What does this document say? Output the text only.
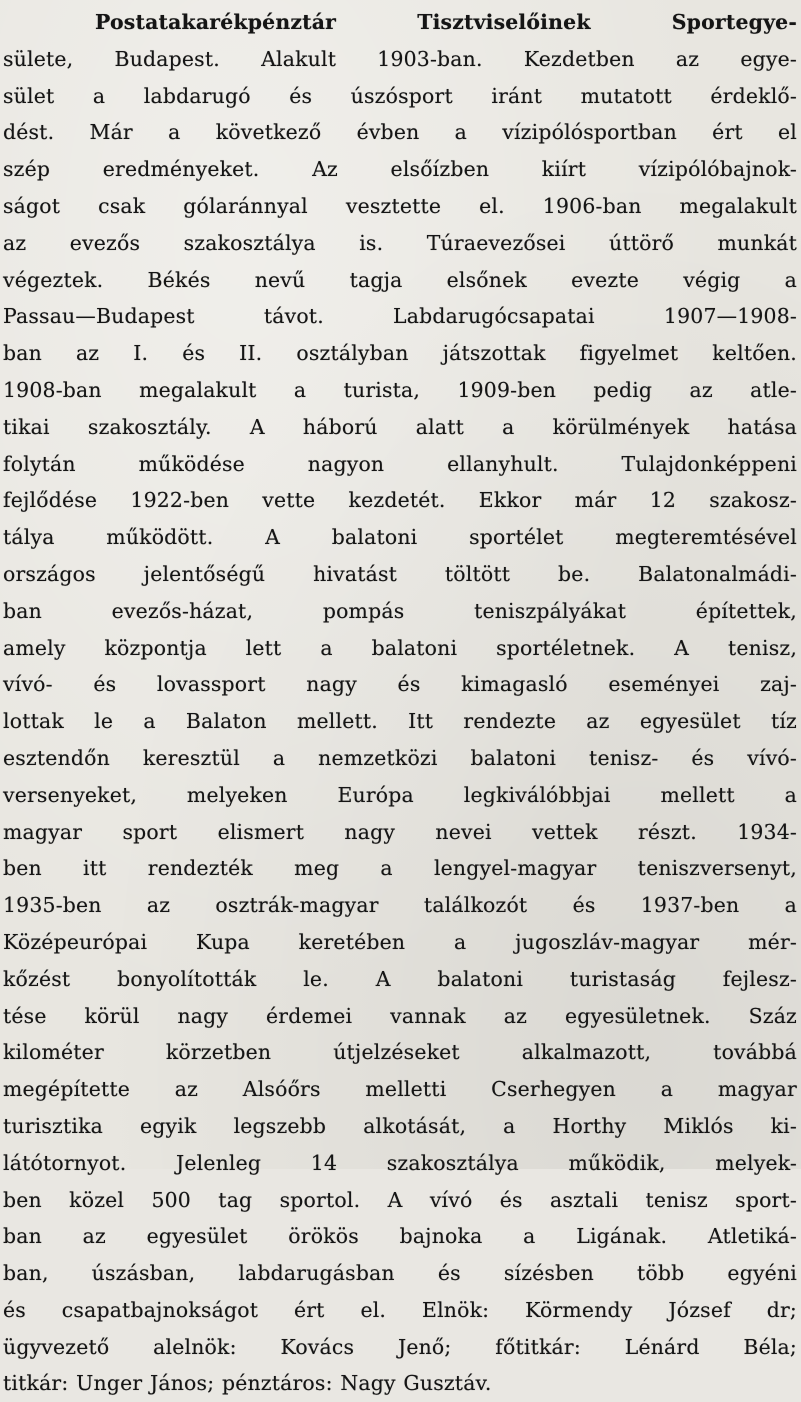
Postatakarékpénztár Tisztviselőinek Sportegye-
sülete, Budapest. Alakult 1903-ban. Kezdetben az egye-
sület a labdarugó és úszósport iránt mutatott érdeklő-
dést. Már a következő évben a vízipólósportban ért el
szép eredményeket. Az elsőízben kiírt vízipólóbajnok-
ságot csak gólaránnyal vesztette el. 1906-ban megalakult
az evezős szakosztálya is. Túraevezősei úttörő munkát
végeztek. Békés nevű tagja elsőnek evezte végig a
Passau—Budapest távot. Labdarugócsapatai 1907—1908-
ban az I. és II. osztályban játszottak figyelmet keltően.
1908-ban megalakult a turista, 1909-ben pedig az atle-
tikai szakosztály. A háború alatt a körülmények hatása
folytán működése nagyon ellanyhult. Tulajdonképpeni
fejlődése 1922-ben vette kezdetét. Ekkor már 12 szakosz-
tálya működött. A balatoni sportélet megteremtésével
országos jelentőségű hivatást töltött be. Balatonalmádi-
ban evezős-házat, pompás teniszpályákat építettek,
amely központja lett a balatoni sportéletnek. A tenisz,
vívó- és lovassport nagy és kimagasló eseményei zaj-
lottak le a Balaton mellett. Itt rendezte az egyesület tíz
esztendőn keresztül a nemzetközi balatoni tenisz- és vívó-
versenyeket, melyeken Európa legkiválóbbjai mellett a
magyar sport elismert nagy nevei vettek részt. 1934-
ben itt rendezték meg a lengyel-magyar teniszversenyt,
1935-ben az osztrák-magyar találkozót és 1937-ben a
Középeurópai Kupa keretében a jugoszláv-magyar mér-
kőzést bonyolították le. A balatoni turistaság fejlesz-
tése körül nagy érdemei vannak az egyesületnek. Száz
kilométer körzetben útjelzéseket alkalmazott, továbbá
megépítette az Alsóőrs melletti Cserhegyen a magyar
turisztika egyik legszebb alkotását, a Horthy Miklós ki-
látótornyot. Jelenleg 14 szakosztálya működik, melyek-
ben közel 500 tag sportol. A vívó és asztali tenisz sport-
ban az egyesület örökös bajnoka a Ligának. Atletiká-
ban, úszásban, labdarugásban és sízésben több egyéni
és csapatbajnokságot ért el. Elnök: Körmendy József dr;
ügyvezető alelnök: Kovács Jenő; főtitkár: Lénárd Béla;
titkár: Unger János; pénztáros: Nagy Gusztáv.
